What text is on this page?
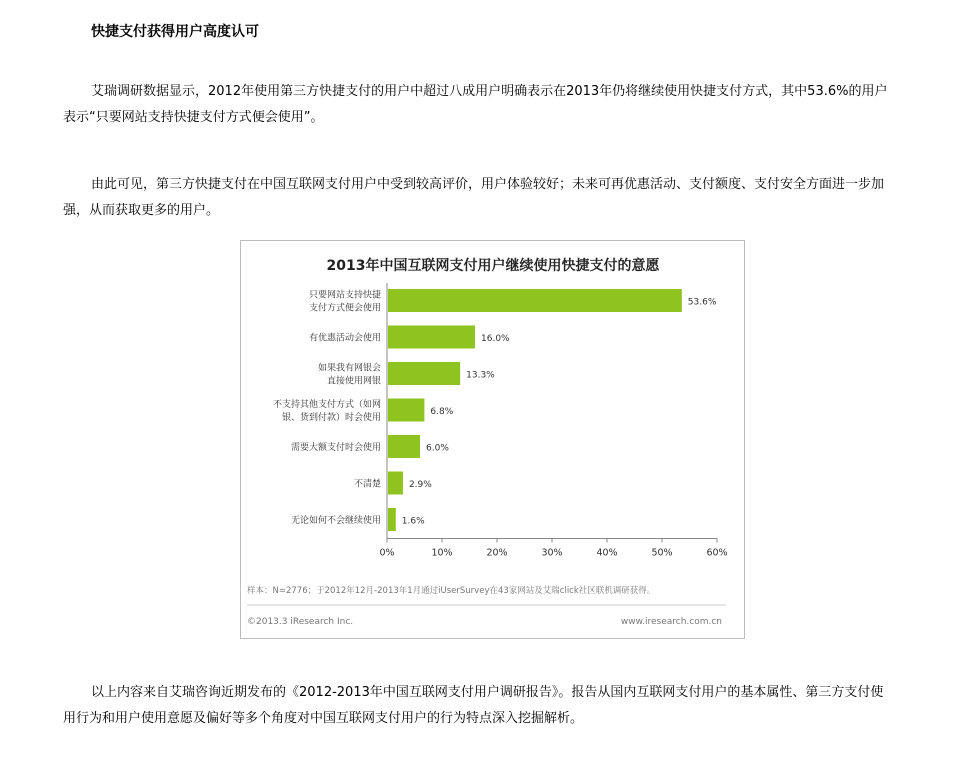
快捷支付获得用户高度认可
艾瑞调研数据显示，2012年使用第三方快捷支付的用户中超过八成用户明确表示在2013年仍将继续使用快捷支付方式，其中53.6%的用户表示“只要网站支持快捷支付方式便会使用”。
由此可见，第三方快捷支付在中国互联网支付用户中受到较高评价，用户体验较好；未来可再优惠活动、支付额度、支付安全方面进一步加强，从而获取更多的用户。
2013年中国互联网支付用户继续使用快捷支付的意愿
53.6%
只要网站支持快捷
支付方式便会使用
16.0%
有优惠活动会使用
13.3%
如果我有网银会
直接使用网银
6.8%
不支持其他支付方式（如网
银、货到付款）时会使用
6.0%
需要大额支付时会使用
2.9%
不清楚
1.6%
无论如何不会继续使用
0%	10%	20%	30%	40%	50%	60%
样本：N=2776；于2012年12月-2013年1月通过iUserSurvey在43家网站及艾瑞click社区联机调研获得。
©2013.3 iResearch Inc.	www.iresearch.com.cn
以上内容来自艾瑞咨询近期发布的《2012-2013年中国互联网支付用户调研报告》。报告从国内互联网支付用户的基本属性、第三方支付使用行为和用户使用意愿及偏好等多个角度对中国互联网支付用户的行为特点深入挖掘解析。
